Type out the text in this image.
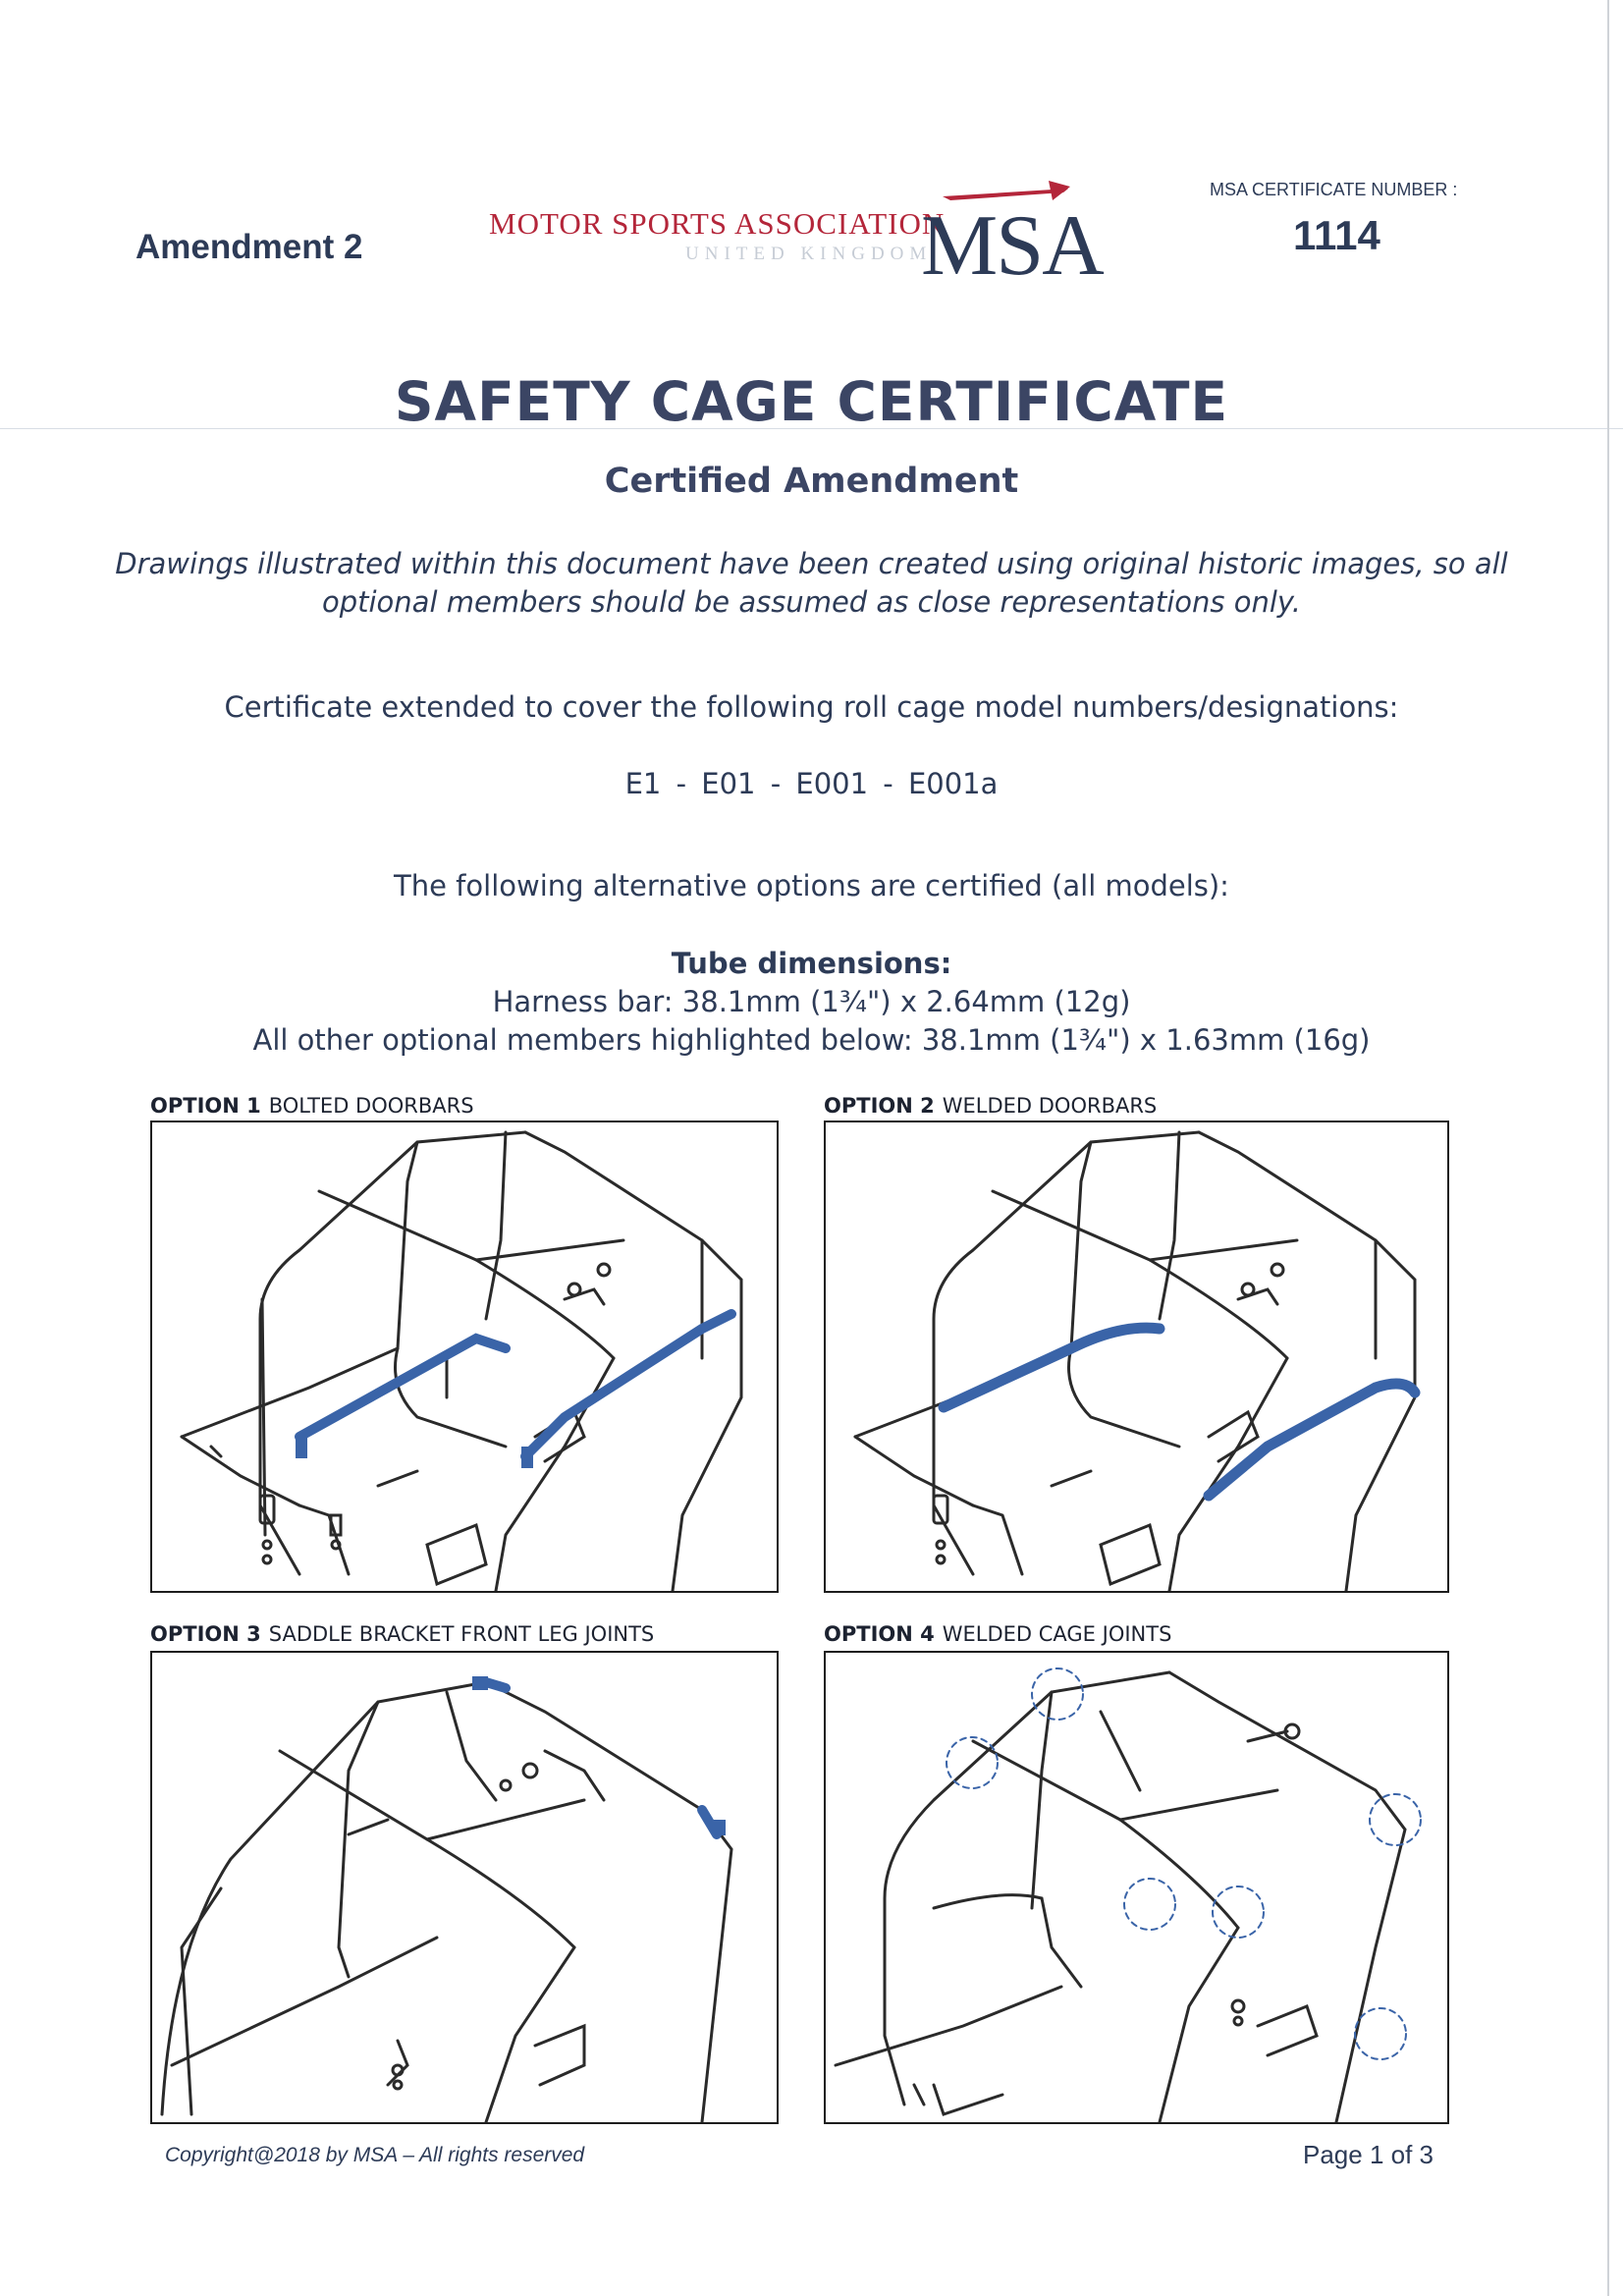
Amendment 2
MOTOR SPORTS ASSOCIATION
UNITED KINGDOM
MSA
MSA CERTIFICATE NUMBER :
1114
SAFETY CAGE CERTIFICATE
Certified Amendment
Drawings illustrated within this document have been created using original historic images, so all
optional members should be assumed as close representations only.
Certificate extended to cover the following roll cage model numbers/designations:
E1 - E01 - E001 - E001a
The following alternative options are certified (all models):
Tube dimensions:
Harness bar: 38.1mm (1¾") x 2.64mm (12g)
All other optional members highlighted below: 38.1mm (1¾") x 1.63mm (16g)
OPTION 1 BOLTED DOORBARS	OPTION 2 WELDED DOORBARS
OPTION 3 SADDLE BRACKET FRONT LEG JOINTS	OPTION 4 WELDED CAGE JOINTS
Copyright@2018 by MSA – All rights reserved	Page 1 of 3
